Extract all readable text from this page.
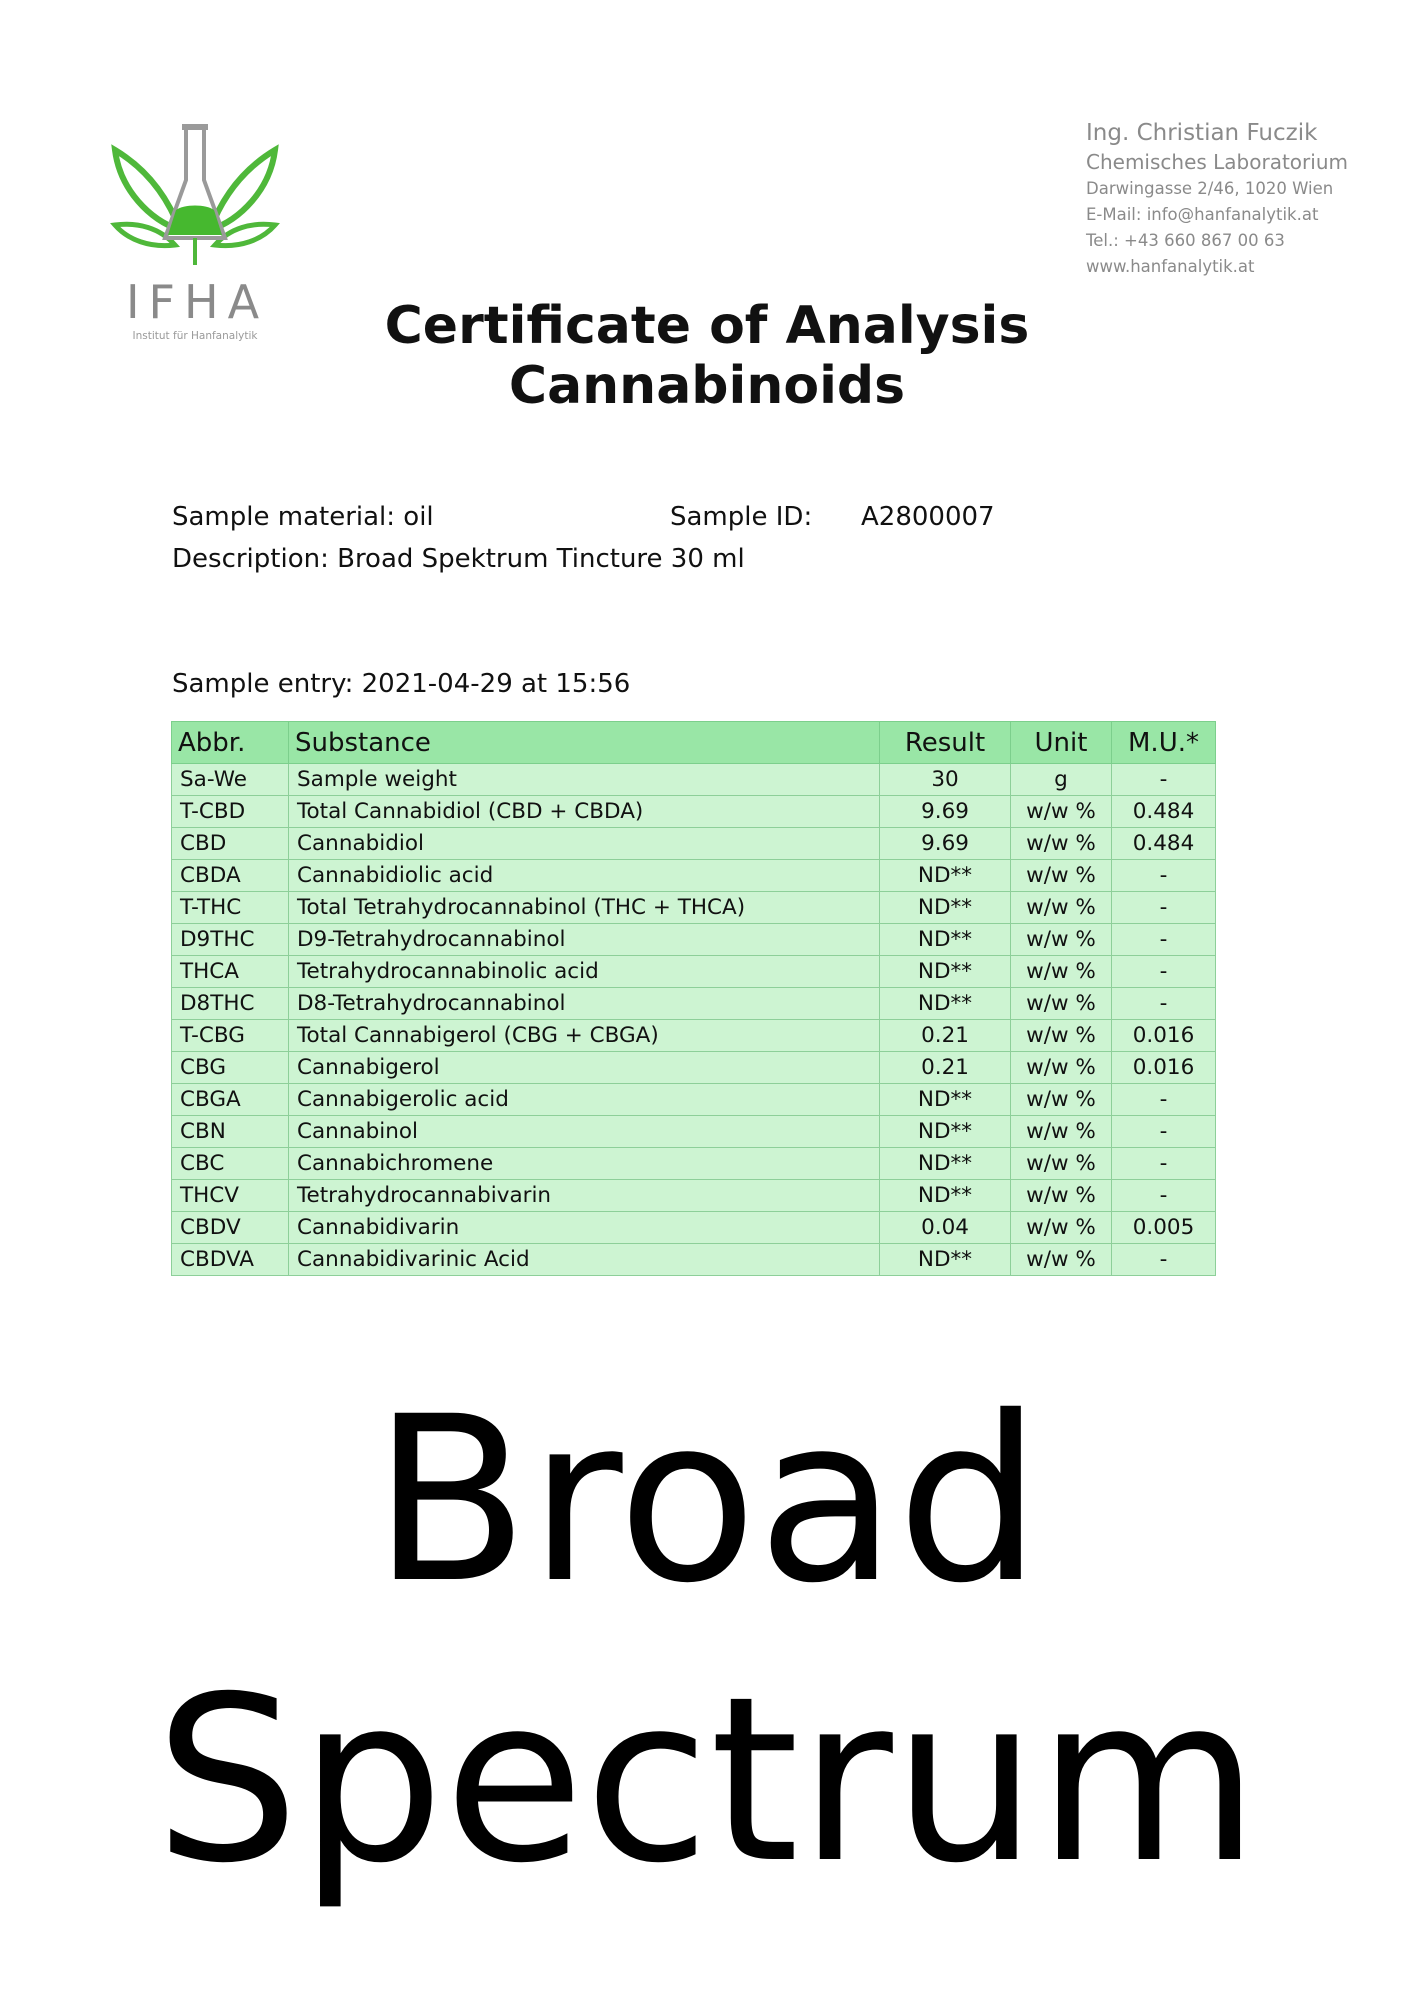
IFHA
Institut für Hanfanalytik
Ing. Christian Fuczik
Chemisches Laboratorium
Darwingasse 2/46, 1020 Wien
E-Mail: info@hanfanalytik.at
Tel.: +43 660 867 00 63
www.hanfanalytik.at
Certificate of Analysis
Cannabinoids
Sample material: oil	Sample ID: A2800007
Description: Broad Spektrum Tincture 30 ml
Sample entry: 2021-04-29 at 15:56
Abbr.	Substance	Result	Unit	M.U.*
Sa-We	Sample weight	30	g	-
T-CBD	Total Cannabidiol (CBD + CBDA)	9.69	w/w %	0.484
CBD	Cannabidiol	9.69	w/w %	0.484
CBDA	Cannabidiolic acid	ND**	w/w %	-
T-THC	Total Tetrahydrocannabinol (THC + THCA)	ND**	w/w %	-
D9THC	D9-Tetrahydrocannabinol	ND**	w/w %	-
THCA	Tetrahydrocannabinolic acid	ND**	w/w %	-
D8THC	D8-Tetrahydrocannabinol	ND**	w/w %	-
T-CBG	Total Cannabigerol (CBG + CBGA)	0.21	w/w %	0.016
CBG	Cannabigerol	0.21	w/w %	0.016
CBGA	Cannabigerolic acid	ND**	w/w %	-
CBN	Cannabinol	ND**	w/w %	-
CBC	Cannabichromene	ND**	w/w %	-
THCV	Tetrahydrocannabivarin	ND**	w/w %	-
CBDV	Cannabidivarin	0.04	w/w %	0.005
CBDVA	Cannabidivarinic Acid	ND**	w/w %	-
Broad
Spectrum
